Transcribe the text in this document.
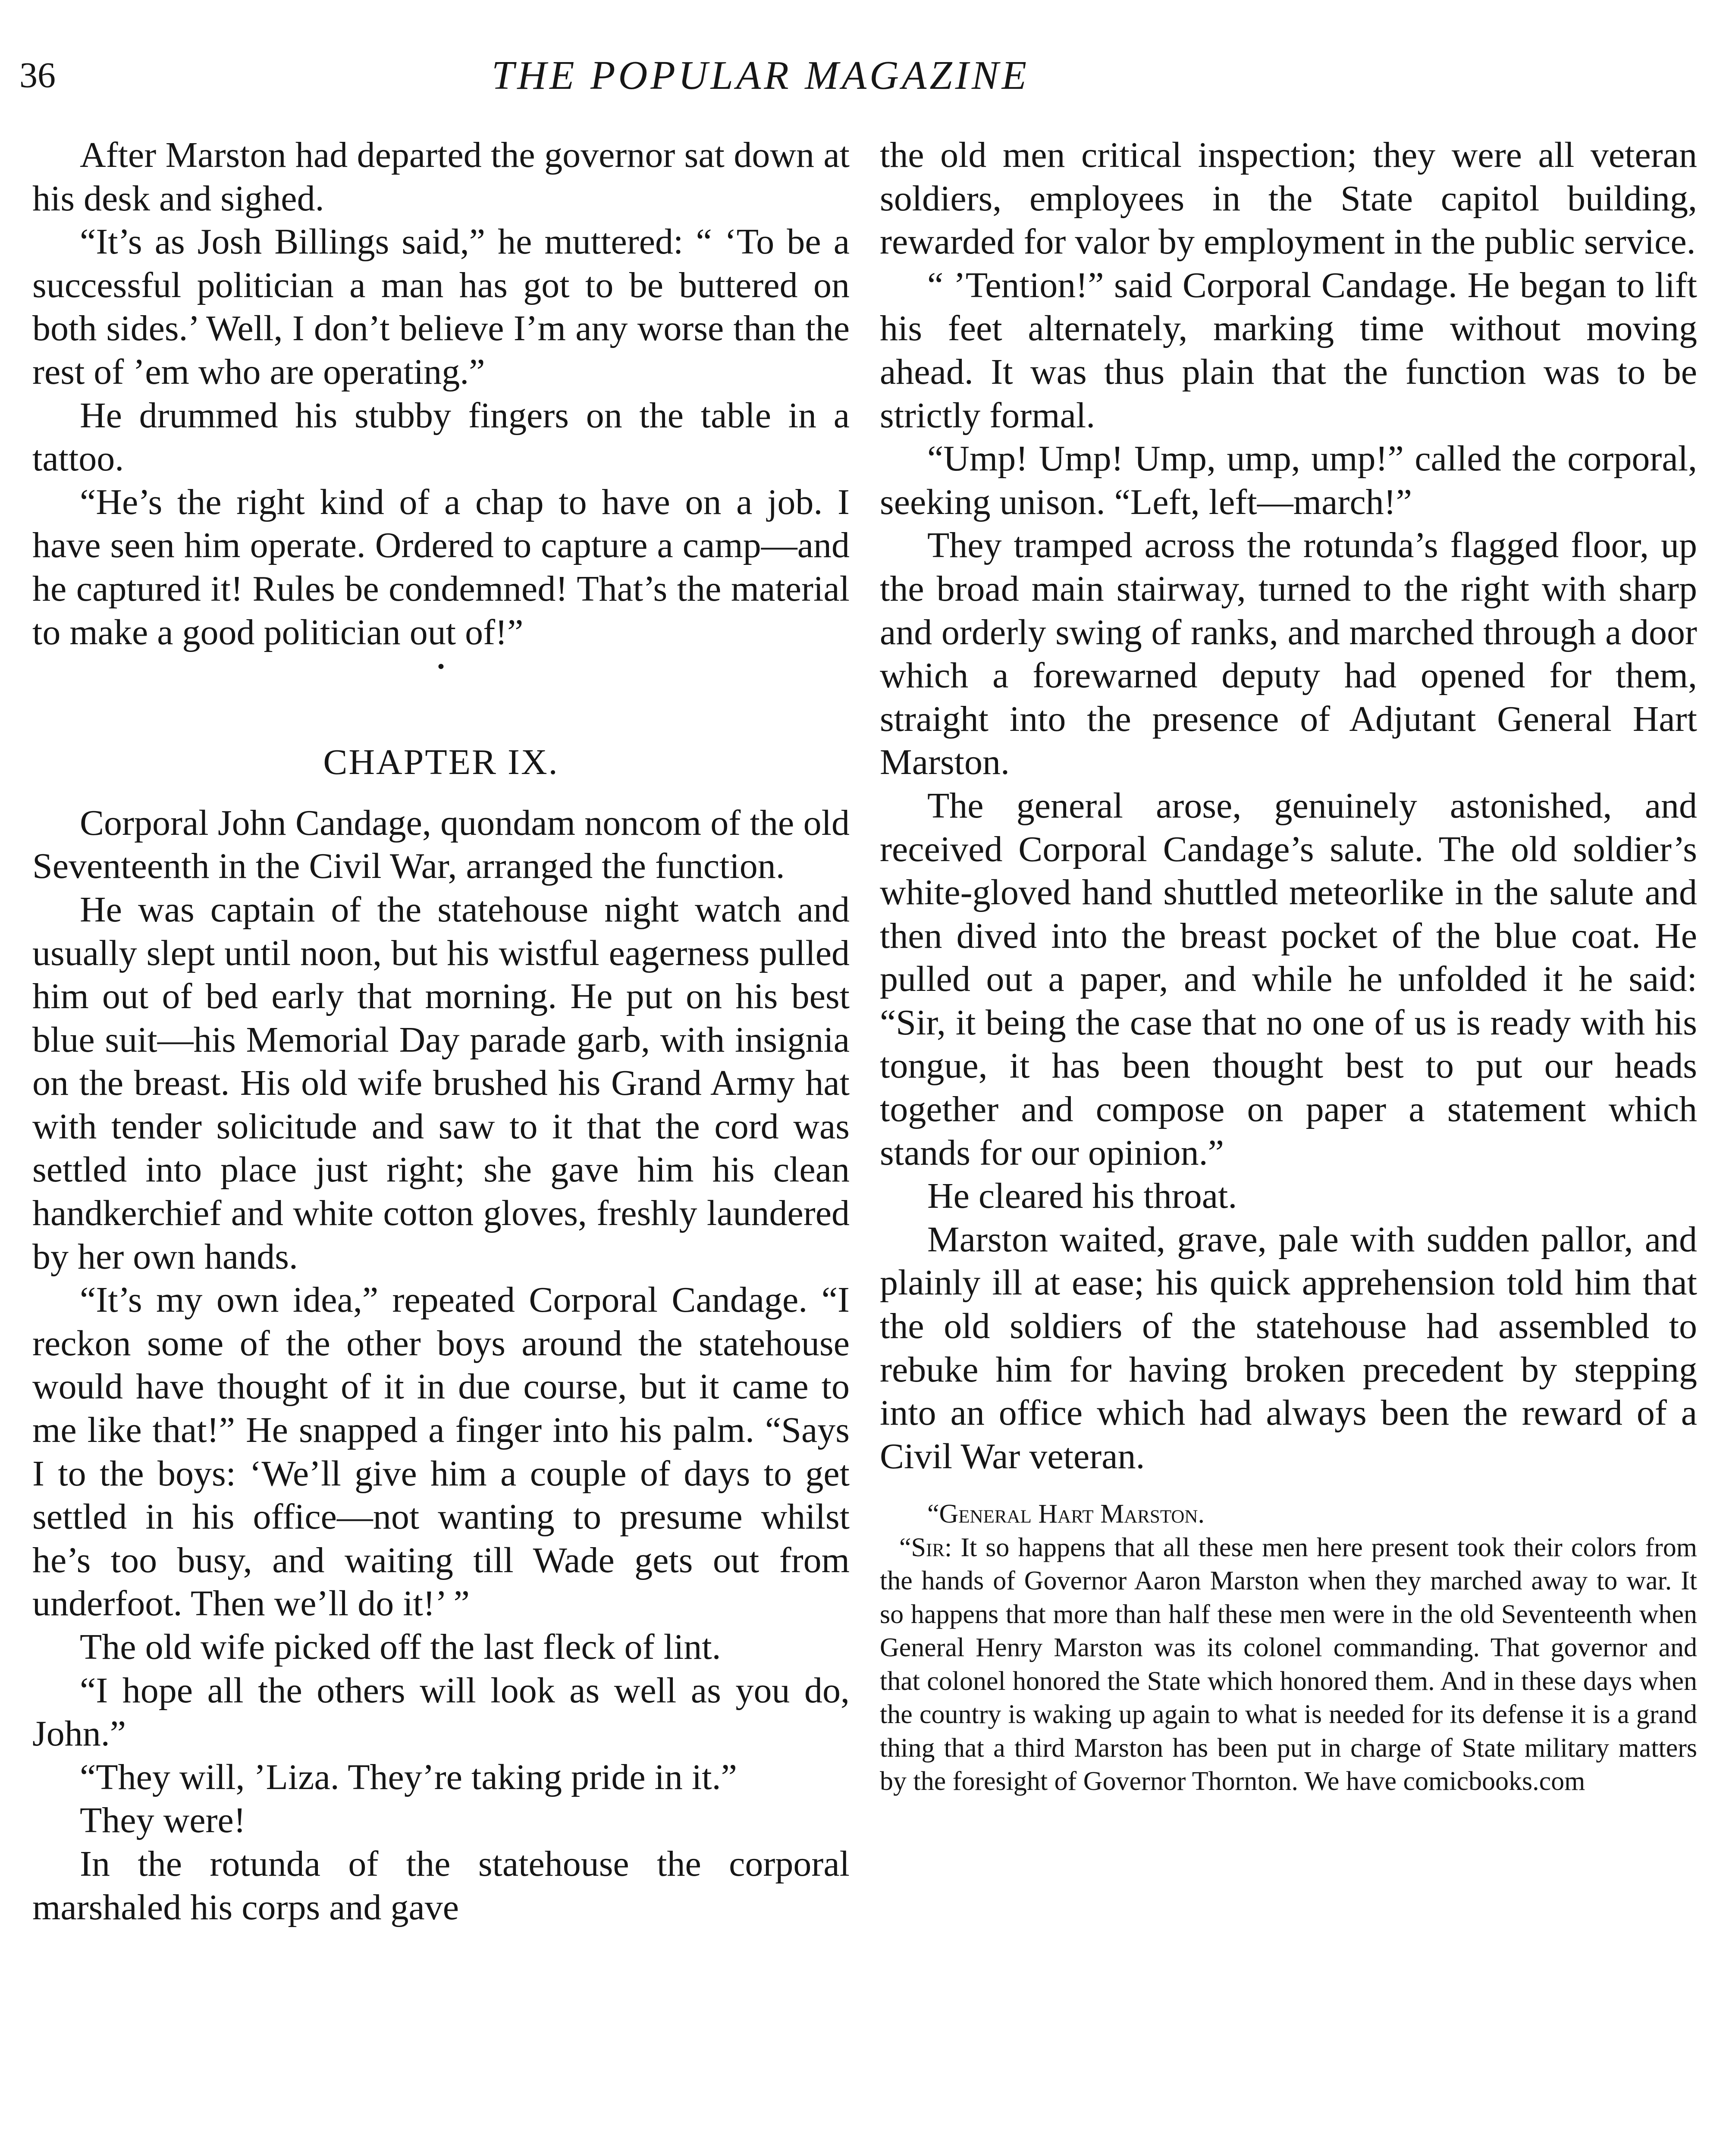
36	THE POPULAR MAGAZINE

After Marston had departed the governor sat down at his desk and sighed.

“It’s as Josh Billings said,” he muttered: “ ‘To be a successful politician a man has got to be buttered on both sides.’ Well, I don’t believe I’m any worse than the rest of ’em who are operating.”

He drummed his stubby fingers on the table in a tattoo.

“He’s the right kind of a chap to have on a job. I have seen him operate. Ordered to capture a camp—and he captured it! Rules be condemned! That’s the material to make a good politician out of!”

•

CHAPTER IX.

Corporal John Candage, quondam noncom of the old Seventeenth in the Civil War, arranged the function.

He was captain of the statehouse night watch and usually slept until noon, but his wistful eagerness pulled him out of bed early that morning. He put on his best blue suit—his Memorial Day parade garb, with insignia on the breast. His old wife brushed his Grand Army hat with tender solicitude and saw to it that the cord was settled into place just right; she gave him his clean handkerchief and white cotton gloves, freshly laundered by her own hands.

“It’s my own idea,” repeated Corporal Candage. “I reckon some of the other boys around the statehouse would have thought of it in due course, but it came to me like that!” He snapped a finger into his palm. “Says I to the boys: ‘We’ll give him a couple of days to get settled in his office—not wanting to presume whilst he’s too busy, and waiting till Wade gets out from underfoot. Then we’ll do it!’ ”

The old wife picked off the last fleck of lint.

“I hope all the others will look as well as you do, John.”

“They will, ’Liza. They’re taking pride in it.”

They were!

In the rotunda of the statehouse the corporal marshaled his corps and gave

the old men critical inspection; they were all veteran soldiers, employees in the State capitol building, rewarded for valor by employment in the public service.

“ ’Tention!” said Corporal Candage. He began to lift his feet alternately, marking time without moving ahead. It was thus plain that the function was to be strictly formal.

“Ump! Ump! Ump, ump, ump!” called the corporal, seeking unison. “Left, left—march!”

They tramped across the rotunda’s flagged floor, up the broad main stairway, turned to the right with sharp and orderly swing of ranks, and marched through a door which a forewarned deputy had opened for them, straight into the presence of Adjutant General Hart Marston.

The general arose, genuinely astonished, and received Corporal Candage’s salute. The old soldier’s white-gloved hand shuttled meteorlike in the salute and then dived into the breast pocket of the blue coat. He pulled out a paper, and while he unfolded it he said: “Sir, it being the case that no one of us is ready with his tongue, it has been thought best to put our heads together and compose on paper a statement which stands for our opinion.”

He cleared his throat.

Marston waited, grave, pale with sudden pallor, and plainly ill at ease; his quick apprehension told him that the old soldiers of the statehouse had assembled to rebuke him for having broken precedent by stepping into an office which had always been the reward of a Civil War veteran.

“General Hart Marston.

“Sir: It so happens that all these men here present took their colors from the hands of Governor Aaron Marston when they marched away to war. It so happens that more than half these men were in the old Seventeenth when General Henry Marston was its colonel commanding. That governor and that colonel honored the State which honored them. And in these days when the country is waking up again to what is needed for its defense it is a grand thing that a third Marston has been put in charge of State military matters by the foresight of Governor Thornton. We have comicbooks.com
